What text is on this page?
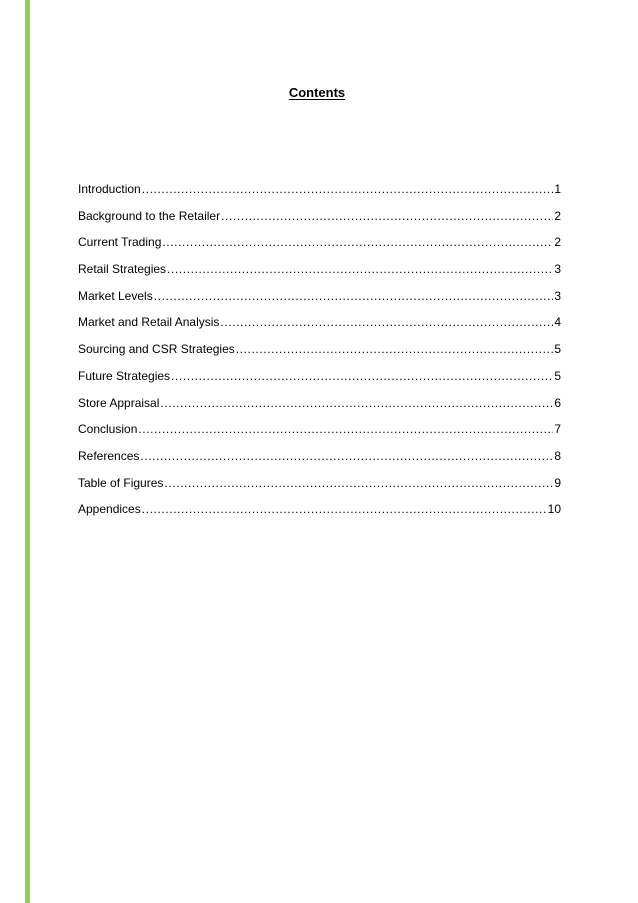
Contents
Introduction .....	1
Background to the Retailer .....	2
Current Trading .....	2
Retail Strategies .....	3
Market Levels .....	3
Market and Retail Analysis .....	4
Sourcing and CSR Strategies .....	5
Future Strategies .....	5
Store Appraisal .....	6
Conclusion .....	7
References .....	8
Table of Figures .....	9
Appendices .....	10
